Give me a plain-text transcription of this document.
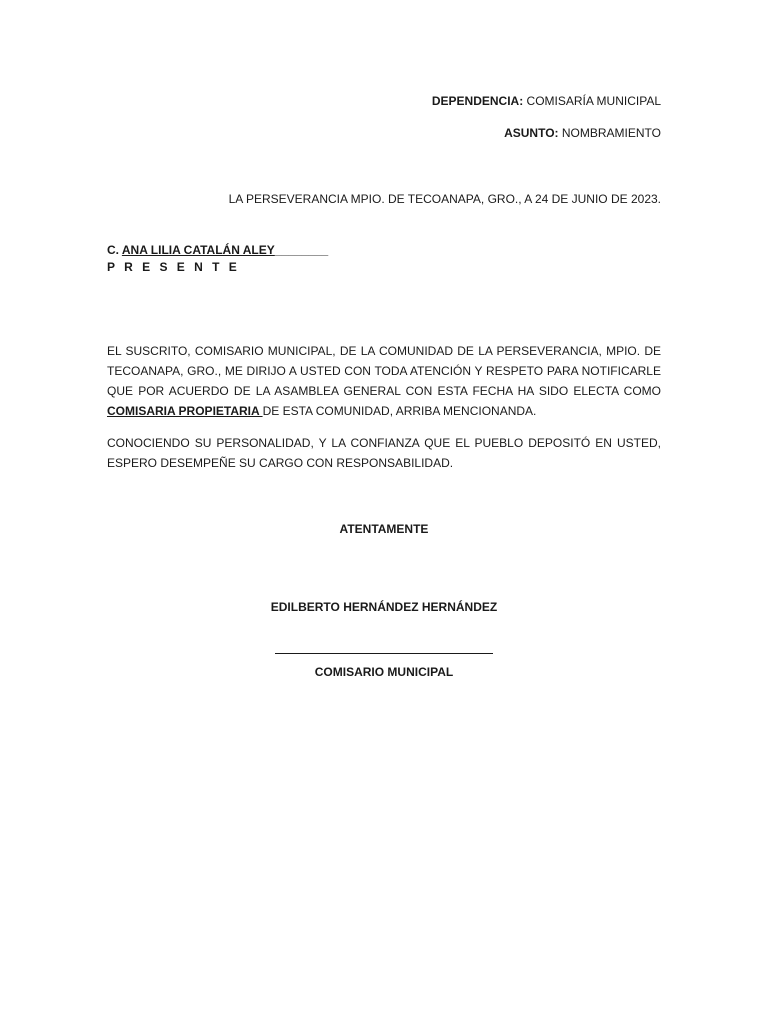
DEPENDENCIA: COMISARÍA MUNICIPAL
ASUNTO: NOMBRAMIENTO
LA PERSEVERANCIA MPIO. DE TECOANAPA, GRO., A 24 DE JUNIO DE 2023.
C. ANA LILIA CATALÁN ALEY________
P R E S E N T E
EL SUSCRITO, COMISARIO MUNICIPAL, DE LA COMUNIDAD DE LA PERSEVERANCIA, MPIO. DE TECOANAPA, GRO., ME DIRIJO A USTED CON TODA ATENCIÓN Y RESPETO PARA NOTIFICARLE QUE POR ACUERDO DE LA ASAMBLEA GENERAL CON ESTA FECHA HA SIDO ELECTA COMO COMISARIA PROPIETARIA DE ESTA COMUNIDAD, ARRIBA MENCIONANDA.
CONOCIENDO SU PERSONALIDAD, Y LA CONFIANZA QUE EL PUEBLO DEPOSITÓ EN USTED, ESPERO DESEMPEÑE SU CARGO CON RESPONSABILIDAD.
ATENTAMENTE
EDILBERTO HERNÁNDEZ HERNÁNDEZ
COMISARIO MUNICIPAL
